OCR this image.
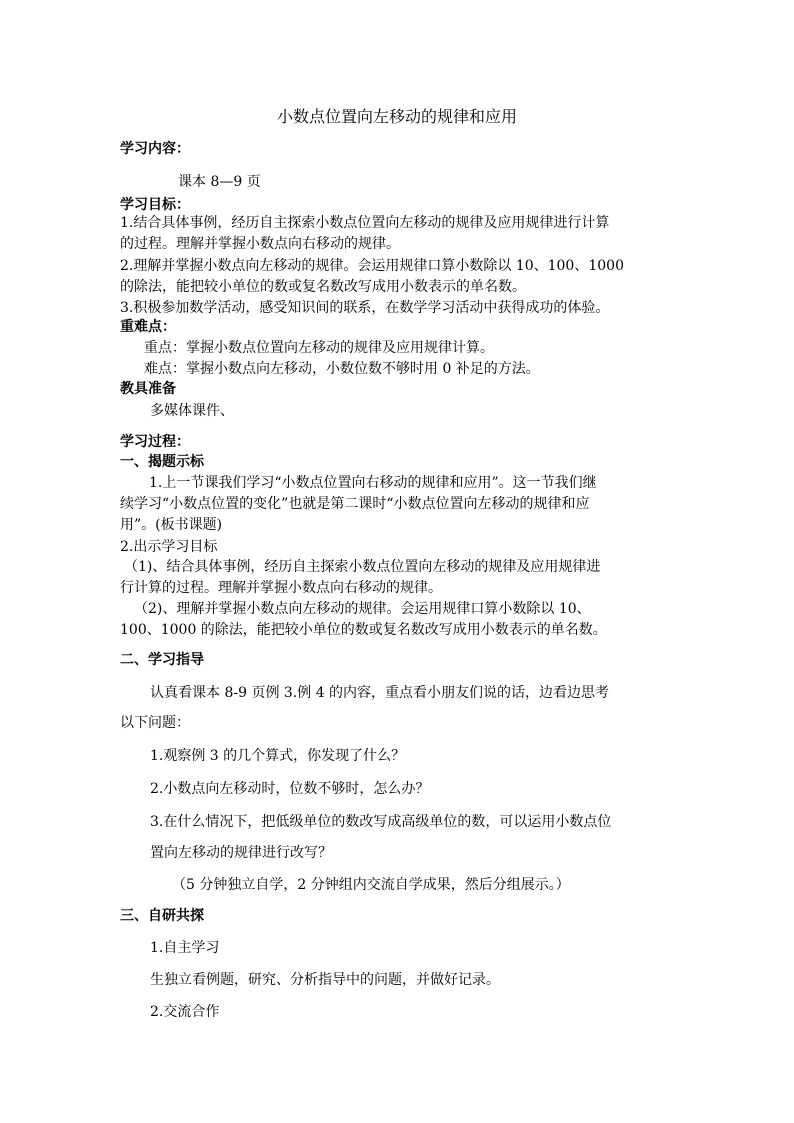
小数点位置向左移动的规律和应用
学习内容：
课本 8—9 页
学习目标：
1.结合具体事例，经历自主探索小数点位置向左移动的规律及应用规律进行计算
的过程。理解并掌握小数点向右移动的规律。
2.理解并掌握小数点向左移动的规律。会运用规律口算小数除以 10、100、1000
的除法，能把较小单位的数或复名数改写成用小数表示的单名数。
3.积极参加数学活动，感受知识间的联系，在数学学习活动中获得成功的体验。
重难点：
重点：掌握小数点位置向左移动的规律及应用规律计算。
难点：掌握小数点向左移动，小数位数不够时用 0 补足的方法。
教具准备
多媒体课件、
学习过程：
一、揭题示标
1.上一节课我们学习“小数点位置向右移动的规律和应用”。这一节我们继
续学习“小数点位置的变化”也就是第二课时“小数点位置向左移动的规律和应
用”。(板书课题)
2.出示学习目标
（1)、结合具体事例，经历自主探索小数点位置向左移动的规律及应用规律进
行计算的过程。理解并掌握小数点向右移动的规律。
（2)、理解并掌握小数点向左移动的规律。会运用规律口算小数除以 10、
100、1000 的除法，能把较小单位的数或复名数改写成用小数表示的单名数。
二、学习指导
认真看课本 8-9 页例 3.例 4 的内容，重点看小朋友们说的话，边看边思考
以下问题：
1.观察例 3 的几个算式，你发现了什么？
2.小数点向左移动时，位数不够时，怎么办？
3.在什么情况下，把低级单位的数改写成高级单位的数，可以运用小数点位
置向左移动的规律进行改写？
（5 分钟独立自学，2 分钟组内交流自学成果，然后分组展示。）
三、自研共探
1.自主学习
生独立看例题，研究、分析指导中的问题，并做好记录。
2.交流合作
